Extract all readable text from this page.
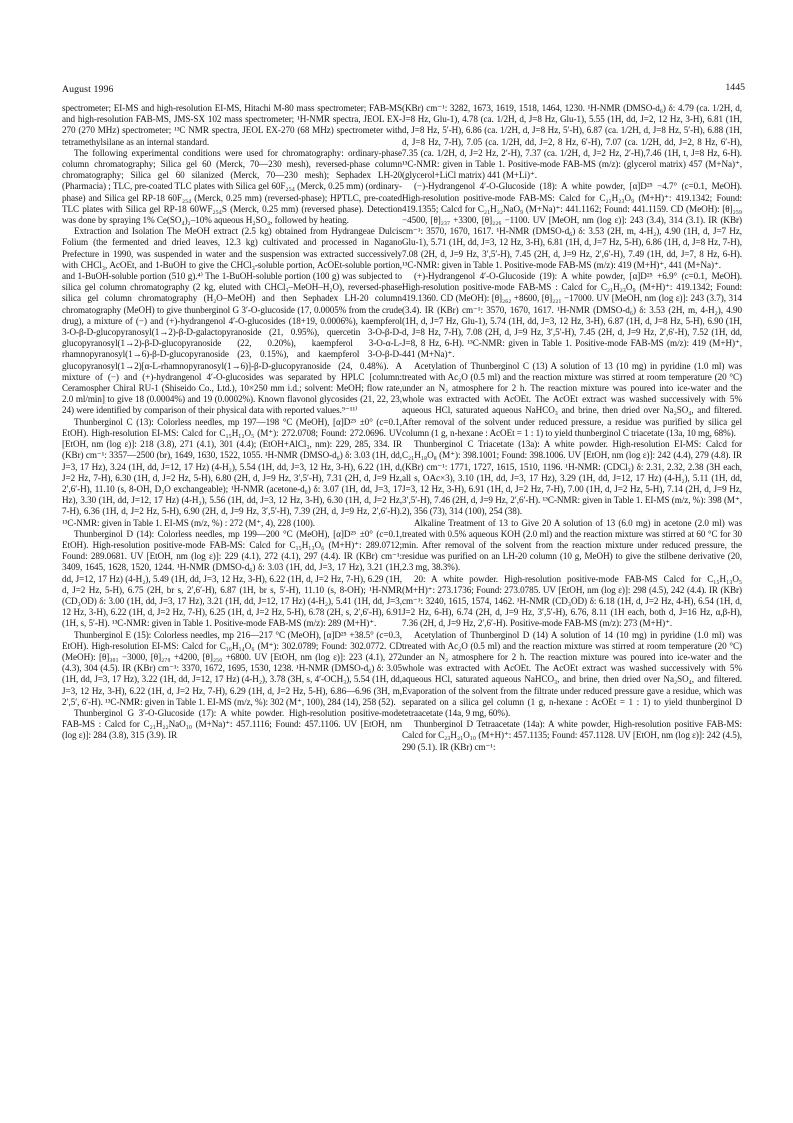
August 1996	1445

spectrometer; EI-MS and high-resolution EI-MS, Hitachi M-80 mass spectrometer; FAB-MS and high-resolution FAB-MS, JMS-SX 102 mass spectrometer; ¹H-NMR spectra, JEOL EX-270 (270 MHz) spectrometer; ¹³C NMR spectra, JEOL EX-270 (68 MHz) spectrometer with tetramethylsilane as an internal standard.

The following experimental conditions were used for chromatography: ordinary-phase column chromatography; Silica gel 60 (Merck, 70—230 mesh), reversed-phase column chromatography; Silica gel 60 silanized (Merck, 70—230 mesh); Sephadex LH-20 (Pharmacia) ; TLC, pre-coated TLC plates with Silica gel 60F₂₅₄ (Merck, 0.25 mm) (ordinary-phase) and Silica gel RP-18 60F₂₅₄ (Merck, 0.25 mm) (reversed-phase); HPTLC, pre-coated TLC plates with Silica gel RP-18 60WF₂₅₄S (Merck, 0.25 mm) (reversed phase). Detection was done by spraying 1% Ce(SO₄)₂–10% aqueous H₂SO₄, followed by heating.

Extraction and Isolation The MeOH extract (2.5 kg) obtained from Hydrangeae Dulcis Folium (the fermented and dried leaves, 12.3 kg) cultivated and processed in Nagano Prefecture in 1990, was suspended in water and the suspension was extracted successively with CHCl₃, AcOEt, and 1-BuOH to give the CHCl₃-soluble portion, AcOEt-soluble portion, and 1-BuOH-soluble portion (510 g).⁴⁾ The 1-BuOH-soluble portion (100 g) was subjected to silica gel column chromatography (2 kg, eluted with CHCl₃–MeOH–H₂O), reversed-phase silica gel column chromatography (H₂O–MeOH) and then Sephadex LH-20 column chromatography (MeOH) to give thunberginol G 3′-O-glucoside (17, 0.0005% from the crude drug), a mixture of (−) and (+)-hydrangenol 4′-O-glucosides (18+19, 0.0006%), kaempferol 3-O-β-D-glucopyranosyl(1→2)-β-D-galactopyranoside (21, 0.95%), quercetin 3-O-β-D-glucopyranosyl(1→2)-β-D-glucopyranoside (22, 0.20%), kaempferol 3-O-α-L-rhamnopyranosyl(1→6)-β-D-glucopyranoside (23, 0.15%), and kaempferol 3-O-β-D-glucopyranosyl(1→2)[α-L-rhamnopyranosyl(1→6)]-β-D-glucopyranoside (24, 0.48%). A mixture of (−) and (+)-hydrangenol 4′-O-glucosides was separated by HPLC [column: Ceramospher Chiral RU-1 (Shiseido Co., Ltd.), 10×250 mm i.d.; solvent: MeOH; flow rate, 2.0 ml/min] to give 18 (0.0004%) and 19 (0.0002%). Known flavonol glycosides (21, 22, 23, 24) were identified by comparison of their physical data with reported values.⁹⁻¹¹⁾

Thunberginol C (13): Colorless needles, mp 197—198 °C (MeOH), [α]D²⁵ ±0° (c=0.1, EtOH). High-resolution EI-MS: Calcd for C₁₅H₁₂O₅ (M⁺): 272.0708; Found: 272.0696. UV [EtOH, nm (log ε)]: 218 (3.8), 271 (4.1), 301 (4.4); (EtOH+AlCl₃, nm): 229, 285, 334. IR (KBr) cm⁻¹: 3357—2500 (br), 1649, 1630, 1522, 1055. ¹H-NMR (DMSO-d₆) δ: 3.03 (1H, dd, J=3, 17 Hz), 3.24 (1H, dd, J=12, 17 Hz) (4-H₂), 5.54 (1H, dd, J=3, 12 Hz, 3-H), 6.22 (1H, d, J=2 Hz, 7-H), 6.30 (1H, d, J=2 Hz, 5-H), 6.80 (2H, d, J=9 Hz, 3′,5′-H), 7.31 (2H, d, J=9 Hz, 2′,6′-H), 11.10 (s, 8-OH, D₂O exchangeable); ¹H-NMR (acetone-d₆) δ: 3.07 (1H, dd, J=3, 17 Hz), 3.30 (1H, dd, J=12, 17 Hz) (4-H₂), 5.56 (1H, dd, J=3, 12 Hz, 3-H), 6.30 (1H, d, J=2 Hz, 7-H), 6.36 (1H, d, J=2 Hz, 5-H), 6.90 (2H, d, J=9 Hz, 3′,5′-H), 7.39 (2H, d, J=9 Hz, 2′,6′-H). ¹³C-NMR: given in Table 1. EI-MS (m/z, %) : 272 (M⁺, 4), 228 (100).

Thunberginol D (14): Colorless needles, mp 199—200 °C (MeOH), [α]D²⁵ ±0° (c=0.1, EtOH). High-resolution positive-mode FAB-MS: Calcd for C₁₅H₁₃O₆ (M+H)⁺: 289.0712; Found: 289.0681. UV [EtOH, nm (log ε)]: 229 (4.1), 272 (4.1), 297 (4.4). IR (KBr) cm⁻¹: 3409, 1645, 1628, 1520, 1244. ¹H-NMR (DMSO-d₆) δ: 3.03 (1H, dd, J=3, 17 Hz), 3.21 (1H, dd, J=12, 17 Hz) (4-H₂), 5.49 (1H, dd, J=3, 12 Hz, 3-H), 6.22 (1H, d, J=2 Hz, 7-H), 6.29 (1H, d, J=2 Hz, 5-H), 6.75 (2H, br s, 2′,6′-H), 6.87 (1H, br s, 5′-H), 11.10 (s, 8-OH); ¹H-NMR (CD₃OD) δ: 3.00 (1H, dd, J=3, 17 Hz), 3.21 (1H, dd, J=12, 17 Hz) (4-H₂), 5.41 (1H, dd, J=3, 12 Hz, 3-H), 6.22 (1H, d, J=2 Hz, 7-H), 6.25 (1H, d, J=2 Hz, 5-H), 6.78 (2H, s, 2′,6′-H), 6.91 (1H, s, 5′-H). ¹³C-NMR: given in Table 1. Positive-mode FAB-MS (m/z): 289 (M+H)⁺.

Thunberginol E (15): Colorless needles, mp 216—217 °C (MeOH), [α]D²⁵ +38.5° (c=0.3, EtOH). High-resolution EI-MS: Calcd for C₁₆H₁₄O₆ (M⁺): 302.0789; Found: 302.0772. CD (MeOH): [θ]₃₀₁ −3000, [θ]₂₇₉ +4200, [θ]₂₅₀ +6800. UV [EtOH, nm (log ε)]: 223 (4.1), 272 (4.3), 304 (4.5). IR (KBr) cm⁻¹: 3370, 1672, 1695, 1530, 1238. ¹H-NMR (DMSO-d₆) δ: 3.05 (1H, dd, J=3, 17 Hz), 3.22 (1H, dd, J=12, 17 Hz) (4-H₂), 3.78 (3H, s, 4′-OCH₃), 5.54 (1H, dd, J=3, 12 Hz, 3-H), 6.22 (1H, d, J=2 Hz, 7-H), 6.29 (1H, d, J=2 Hz, 5-H), 6.86—6.96 (3H, m, 2′,5′, 6′-H). ¹³C-NMR: given in Table 1. EI-MS (m/z, %): 302 (M⁺, 100), 284 (14), 258 (52).

Thunberginol G 3′-O-Glucoside (17): A white powder. High-resolution positive-mode FAB-MS : Calcd for C₂₁H₂₂NaO₁₀ (M+Na)⁺: 457.1116; Found: 457.1106. UV [EtOH, nm (log ε)]: 284 (3.8), 315 (3.9). IR

(KBr) cm⁻¹: 3282, 1673, 1619, 1518, 1464, 1230. ¹H-NMR (DMSO-d₆) δ: 4.79 (ca. 1/2H, d, J=8 Hz, Glu-1), 4.78 (ca. 1/2H, d, J=8 Hz, Glu-1), 5.55 (1H, dd, J=2, 12 Hz, 3-H), 6.81 (1H, d, J=8 Hz, 5′-H), 6.86 (ca. 1/2H, d, J=8 Hz, 5′-H), 6.87 (ca. 1/2H, d, J=8 Hz, 5′-H), 6.88 (1H, d, J=8 Hz, 7-H), 7.05 (ca. 1/2H, dd, J=2, 8 Hz, 6′-H), 7.07 (ca. 1/2H, dd, J=2, 8 Hz, 6′-H), 7.35 (ca. 1/2H, d, J=2 Hz, 2′-H), 7.37 (ca. 1/2H, d, J=2 Hz, 2′-H),7.46 (1H, t, J=8 Hz, 6-H). ¹³C-NMR: given in Table 1. Positive-mode FAB-MS (m/z): (glycerol matrix) 457 (M+Na)⁺, (glycerol+LiCl matrix) 441 (M+Li)⁺.

(−)-Hydrangenol 4′-O-Glucoside (18): A white powder, [α]D²⁵ −4.7° (c=0.1, MeOH). High-resolution positive-mode FAB-MS: Calcd for C₂₁H₂₃O₉ (M+H)⁺: 419.1342; Found: 419.1355; Calcd for C₂₁H₂₂NaO₉ (M+Na)⁺: 441.1162; Found: 441.1159. CD (MeOH): [θ]₂₅₉ −4500, [θ]₂₃₇ +3300, [θ]₂₂₆ −1100. UV [MeOH, nm (log ε)]: 243 (3.4), 314 (3.1). IR (KBr) cm⁻¹: 3570, 1670, 1617. ¹H-NMR (DMSO-d₆) δ: 3.53 (2H, m, 4-H₂), 4.90 (1H, d, J=7 Hz, Glu-1), 5.71 (1H, dd, J=3, 12 Hz, 3-H), 6.81 (1H, d, J=7 Hz, 5-H), 6.86 (1H, d, J=8 Hz, 7-H), 7.08 (2H, d, J=9 Hz, 3′,5′-H), 7.45 (2H, d, J=9 Hz, 2′,6′-H), 7.49 (1H, dd, J=7, 8 Hz, 6-H). ¹³C-NMR: given in Table 1. Positive-mode FAB-MS (m/z): 419 (M+H)⁺, 441 (M+Na)⁺.

(+)-Hydrangenol 4′-O-Glucoside (19): A white powder, [α]D²⁵ +6.9° (c=0.1, MeOH). High-resolution positive-mode FAB-MS : Calcd for C₂₁H₂₃O₉ (M+H)⁺: 419.1342; Found: 419.1360. CD (MeOH): [θ]₂₆₂ +8600, [θ]₂₂₁ −17000. UV [MeOH, nm (log ε)]: 243 (3.7), 314 (3.4). IR (KBr) cm⁻¹: 3570, 1670, 1617. ¹H-NMR (DMSO-d₆) δ: 3.53 (2H, m, 4-H₂), 4.90 (1H, d, J=7 Hz, Glu-1), 5.74 (1H, dd, J=3, 12 Hz, 3-H), 6.87 (1H, d, J=8 Hz, 5-H), 6.90 (1H, d, J=8 Hz, 7-H), 7.08 (2H, d, J=9 Hz, 3′,5′-H), 7.45 (2H, d, J=9 Hz, 2′,6′-H), 7.52 (1H, dd, J=8, 8 Hz, 6-H). ¹³C-NMR: given in Table 1. Positive-mode FAB-MS (m/z): 419 (M+H)⁺, 441 (M+Na)⁺.

Acetylation of Thunberginol C (13) A solution of 13 (10 mg) in pyridine (1.0 ml) was treated with Ac₂O (0.5 ml) and the reaction mixture was stirred at room temperature (20 °C) under an N₂ atmosphere for 2 h. The reaction mixture was poured into ice-water and the whole was extracted with AcOEt. The AcOEt extract was washed successively with 5% aqueous HCl, saturated aqueous NaHCO₃ and brine, then dried over Na₂SO₄, and filtered. After removal of the solvent under reduced pressure, a residue was purified by silica gel column (1 g, n-hexane : AcOEt = 1 : 1) to yield thunberginol C triacetate (13a, 10 mg, 68%).

Thunberginol C Triacetate (13a): A white powder. High-resolution EI-MS: Calcd for C₂₁H₁₈O₈ (M⁺): 398.1001; Found: 398.1006. UV [EtOH, nm (log ε)]: 242 (4.4), 279 (4.8). IR (KBr) cm⁻¹: 1771, 1727, 1615, 1510, 1196. ¹H-NMR: (CDCl₃) δ: 2.31, 2.32, 2.38 (3H each, all s, OAc×3), 3.10 (1H, dd, J=3, 17 Hz), 3.29 (1H, dd, J=12, 17 Hz) (4-H₂), 5.11 (1H, dd, J=3, 12 Hz, 3-H), 6.91 (1H, d, J=2 Hz, 7-H), 7.00 (1H, d, J=2 Hz, 5-H), 7.14 (2H, d, J=9 Hz, 3′,5′-H), 7.46 (2H, d, J=9 Hz, 2′,6′-H). ¹³C-NMR: given in Table 1. EI-MS (m/z, %): 398 (M⁺, 2), 356 (73), 314 (100), 254 (38).

Alkaline Treatment of 13 to Give 20 A solution of 13 (6.0 mg) in acetone (2.0 ml) was treated with 0.5% aqueous KOH (2.0 ml) and the reaction mixture was stirred at 60 °C for 30 min. After removal of the solvent from the reaction mixture under reduced pressure, the residue was purified on an LH-20 column (10 g, MeOH) to give the stilbene derivative (20, 2.3 mg, 38.3%).

20: A white powder. High-resolution positive-mode FAB-MS Calcd for C₁₅H₁₃O₅ (M+H)⁺: 273.1736; Found: 273.0785. UV [EtOH, nm (log ε)]: 298 (4.5), 242 (4.4). IR (KBr) cm⁻¹: 3240, 1615, 1574, 1462. ¹H-NMR (CD₃OD) δ: 6.18 (1H, d, J=2 Hz, 4-H), 6.54 (1H, d, J=2 Hz, 6-H), 6.74 (2H, d, J=9 Hz, 3′,5′-H), 6.76, 8.11 (1H each, both d, J=16 Hz, α,β-H), 7.36 (2H, d, J=9 Hz, 2′,6′-H). Positive-mode FAB-MS (m/z): 273 (M+H)⁺.

Acetylation of Thunberginol D (14) A solution of 14 (10 mg) in pyridine (1.0 ml) was treated with Ac₂O (0.5 ml) and the reaction mixture was stirred at room temperature (20 °C) under an N₂ atmosphere for 2 h. The reaction mixture was poured into ice-water and the whole was extracted with AcOEt. The AcOEt extract was washed successively with 5% aqueous HCl, saturated aqueous NaHCO₃, and brine, then dried over Na₂SO₄, and filtered. Evaporation of the solvent from the filtrate under reduced pressure gave a residue, which was separated on a silica gel column (1 g, n-hexane : AcOEt = 1 : 1) to yield thunberginol D tetraacetate (14a, 9 mg, 60%).

Thunberginol D Tetraacetate (14a): A white powder, High-resolution positive FAB-MS: Calcd for C₂₃H₂₁O₁₀ (M+H)⁺: 457.1135; Found: 457.1128. UV [EtOH, nm (log ε)]: 242 (4.5), 290 (5.1). IR (KBr) cm⁻¹:
